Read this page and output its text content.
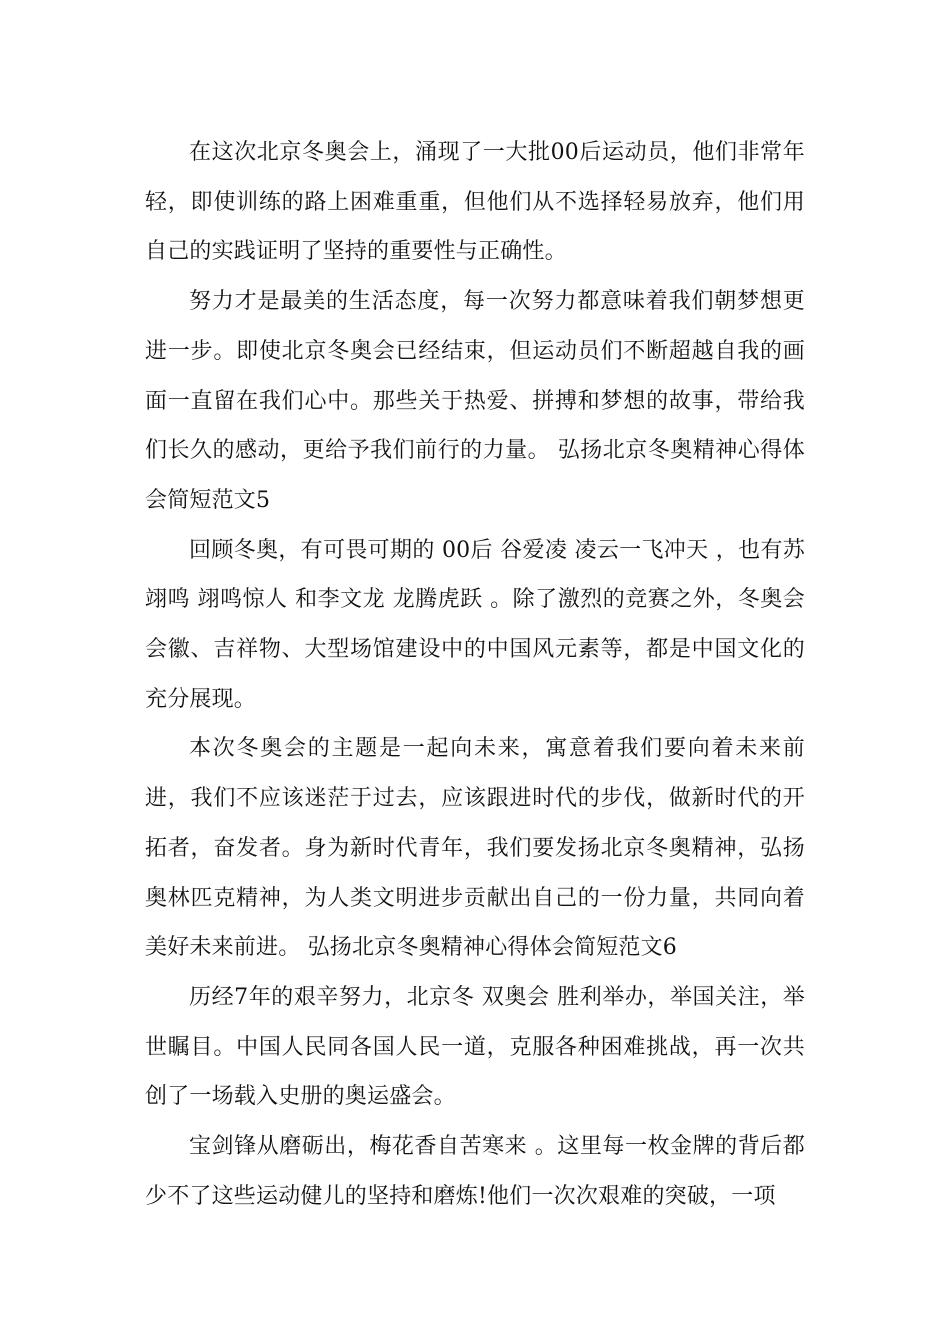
在这次北京冬奥会上，涌现了一大批00后运动员，他们非常年轻，即使训练的路上困难重重，但他们从不选择轻易放弃，他们用自己的实践证明了坚持的重要性与正确性。

努力才是最美的生活态度，每一次努力都意味着我们朝梦想更进一步。即使北京冬奥会已经结束，但运动员们不断超越自我的画面一直留在我们心中。那些关于热爱、拼搏和梦想的故事，带给我们长久的感动，更给予我们前行的力量。 弘扬北京冬奥精神心得体会简短范文5

回顾冬奥，有可畏可期的 00后 谷爱凌 凌云一飞冲天 ，也有苏翊鸣 翊鸣惊人 和李文龙 龙腾虎跃 。除了激烈的竞赛之外，冬奥会会徽、吉祥物、大型场馆建设中的中国风元素等，都是中国文化的充分展现。

本次冬奥会的主题是一起向未来，寓意着我们要向着未来前进，我们不应该迷茫于过去，应该跟进时代的步伐，做新时代的开拓者，奋发者。身为新时代青年，我们要发扬北京冬奥精神，弘扬奥林匹克精神，为人类文明进步贡献出自己的一份力量，共同向着美好未来前进。 弘扬北京冬奥精神心得体会简短范文6

历经7年的艰辛努力，北京冬 双奥会 胜利举办，举国关注，举世瞩目。中国人民同各国人民一道，克服各种困难挑战，再一次共创了一场载入史册的奥运盛会。

宝剑锋从磨砺出，梅花香自苦寒来 。这里每一枚金牌的背后都少不了这些运动健儿的坚持和磨炼!他们一次次艰难的突破，一项
